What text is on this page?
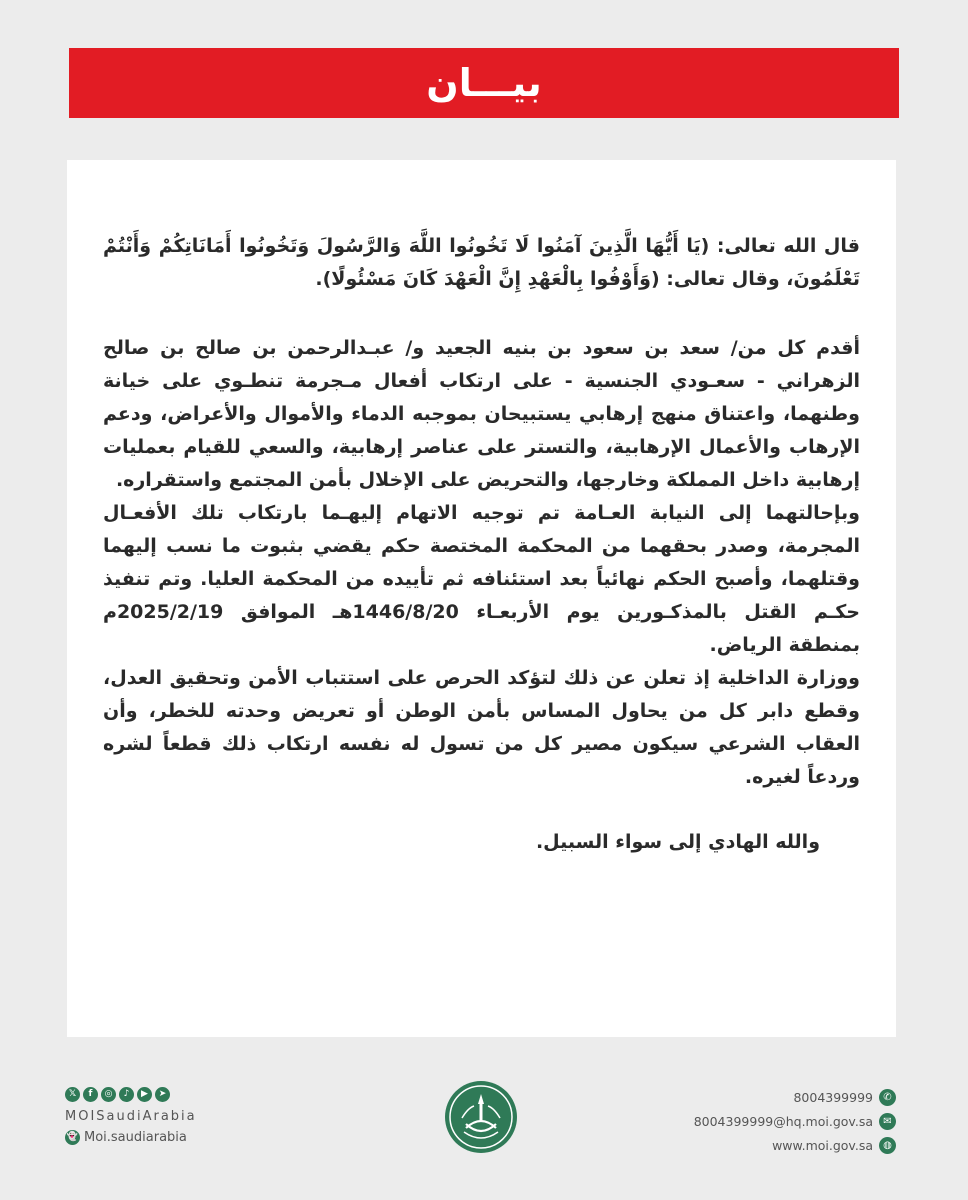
بيـــان

قال الله تعالى: (يَا أَيُّهَا الَّذِينَ آمَنُوا لَا تَخُونُوا اللَّهَ وَالرَّسُولَ وَتَخُونُوا أَمَانَاتِكُمْ وَأَنْتُمْ تَعْلَمُونَ، وقال تعالى: (وَأَوْفُوا بِالْعَهْدِ إِنَّ الْعَهْدَ كَانَ مَسْئُولًا).

أقدم كل من/ سعد بن سعود بن بنيه الجعيد و/ عبـدالرحمن بن صالح بن صالح الزهراني - سعـودي الجنسية - على ارتكاب أفعال مـجرمة تنطـوي على خيانة وطنهما، واعتناق منهج إرهابي يستبيحان بموجبه الدماء والأموال والأعراض، ودعم الإرهاب والأعمال الإرهابية، والتستر على عناصر إرهابية، والسعي للقيام بعمليات إرهابية داخل المملكة وخارجها، والتحريض على الإخلال بأمن المجتمع واستقراره.

وبإحالتهما إلى النيابة العـامة تم توجيه الاتهام إليهـما بارتكاب تلك الأفعـال المجرمة، وصدر بحقهما من المحكمة المختصة حكم يقضي بثبوت ما نسب إليهما وقتلهما، وأصبح الحكم نهائياً بعد استئنافه ثم تأييده من المحكمة العليا. وتم تنفيذ حكـم القتل بالمذكـورين يوم الأربعـاء 1446/8/20هـ الموافق 2025/2/19م بمنطقة الرياض.

ووزارة الداخلية إذ تعلن عن ذلك لتؤكد الحرص على استتباب الأمن وتحقيق العدل، وقطع دابر كل من يحاول المساس بأمن الوطن أو تعريض وحدته للخطر، وأن العقاب الشرعي سيكون مصير كل من تسول له نفسه ارتكاب ذلك قطعاً لشره وردعاً لغيره.

والله الهادي إلى سواء السبيل.

𝕏	f	◎	♪	▶	➤
MOISaudiArabia
👻 Moi.saudiarabia
8004399999	✆
8004399999@hq.moi.gov.sa	✉
www.moi.gov.sa	◍
